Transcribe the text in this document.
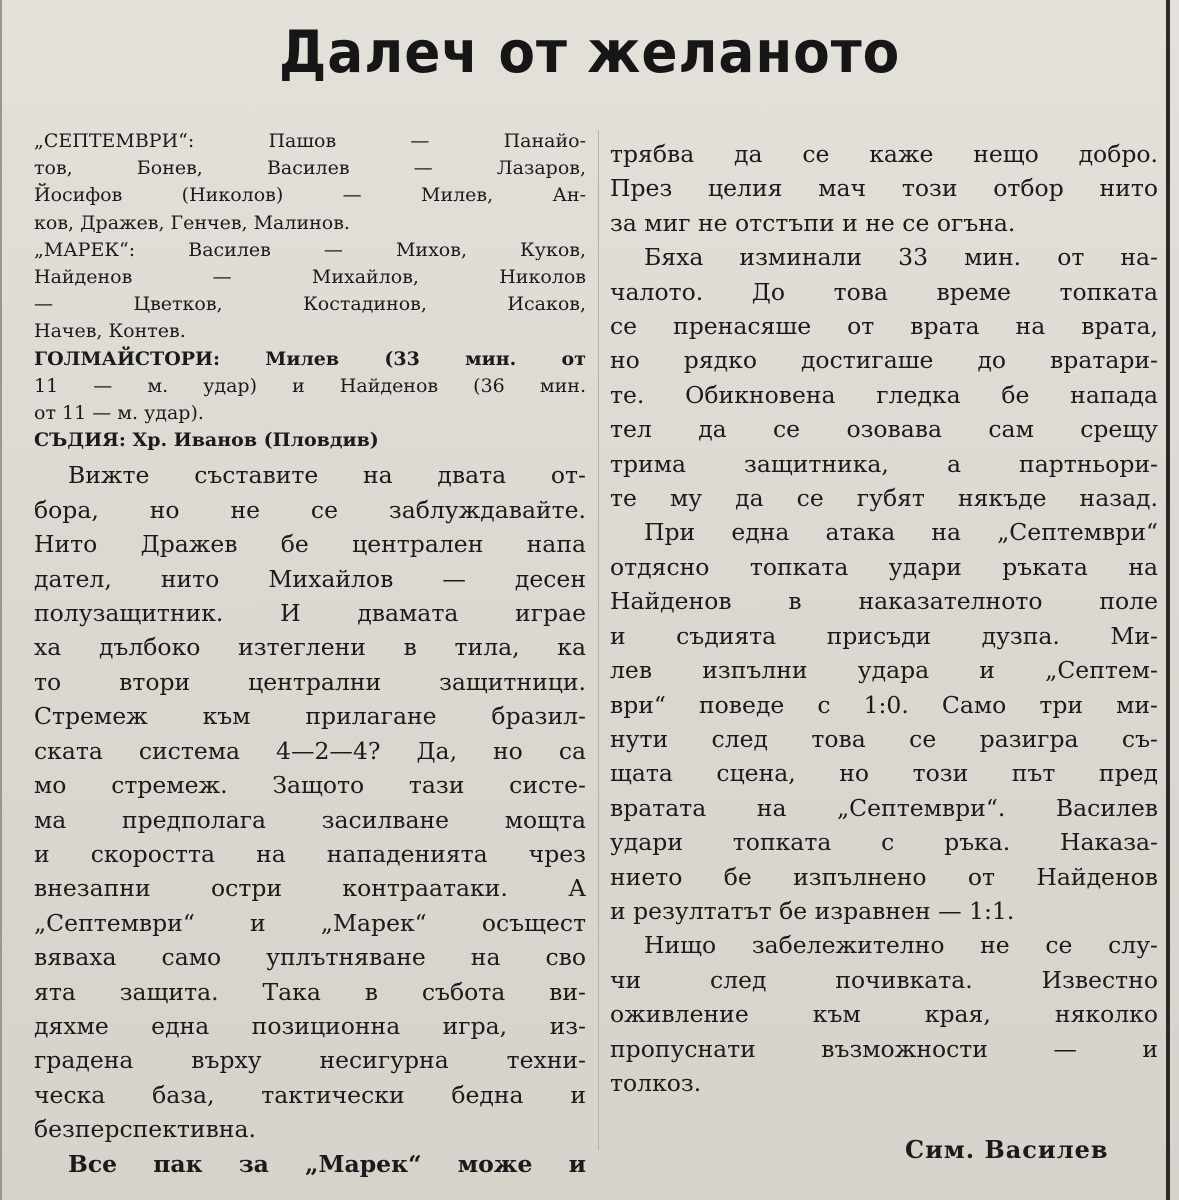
Далеч от желаното
„СЕПТЕМВРИ“: Пашов — Панайо-
тов, Бонев, Василев — Лазаров,
Йосифов (Николов) — Милев, Ан-
ков, Дражев, Генчев, Малинов.
„МАРЕК“: Василев — Михов, Куков,
Найденов — Михайлов, Николов
— Цветков, Костадинов, Исаков,
Начев, Контев.
ГОЛМАЙСТОРИ: Милев (33 мин. от
11 — м. удар) и Найденов (36 мин.
от 11 — м. удар).
СЪДИЯ: Хр. Иванов (Пловдив)
Вижте съставите на двата от-
бора, но не се заблуждавайте.
Нито Дражев бе централен напа
дател, нито Михайлов — десен
полузащитник. И двамата играе
ха дълбоко изтеглени в тила, ка
то втори централни защитници.
Стремеж към прилагане бразил-
ската система 4—2—4? Да, но са
мо стремеж. Защото тази систе-
ма предполага засилване мощта
и скоростта на нападенията чрез
внезапни остри контраатаки. А
„Септември“ и „Марек“ осъщест
вяваха само уплътняване на сво
ята защита. Така в събота ви-
дяхме една позиционна игра, из-
градена върху несигурна техни-
ческа база, тактически бедна и
безперспективна.
Все пак за „Марек“ може и
трябва да се каже нещо добро.
През целия мач този отбор нито
за миг не отстъпи и не се огъна.
Бяха изминали 33 мин. от на-
чалото. До това време топката
се пренасяше от врата на врата,
но рядко достигаше до вратари-
те. Обикновена гледка бе напада
тел да се озовава сам срещу
трима защитника, а партньори-
те му да се губят някъде назад.
При една атака на „Септември“
отдясно топката удари ръката на
Найденов в наказателното поле
и съдията присъди дузпа. Ми-
лев изпълни удара и „Септем-
ври“ поведе с 1:0. Само три ми-
нути след това се разигра съ-
щата сцена, но този път пред
вратата на „Септември“. Василев
удари топката с ръка. Наказа-
нието бе изпълнено от Найденов
и резултатът бе изравнен — 1:1.
Нищо забележително не се слу-
чи след почивката. Известно
оживление към края, няколко
пропуснати възможности — и
толкоз.
Сим. Василев
